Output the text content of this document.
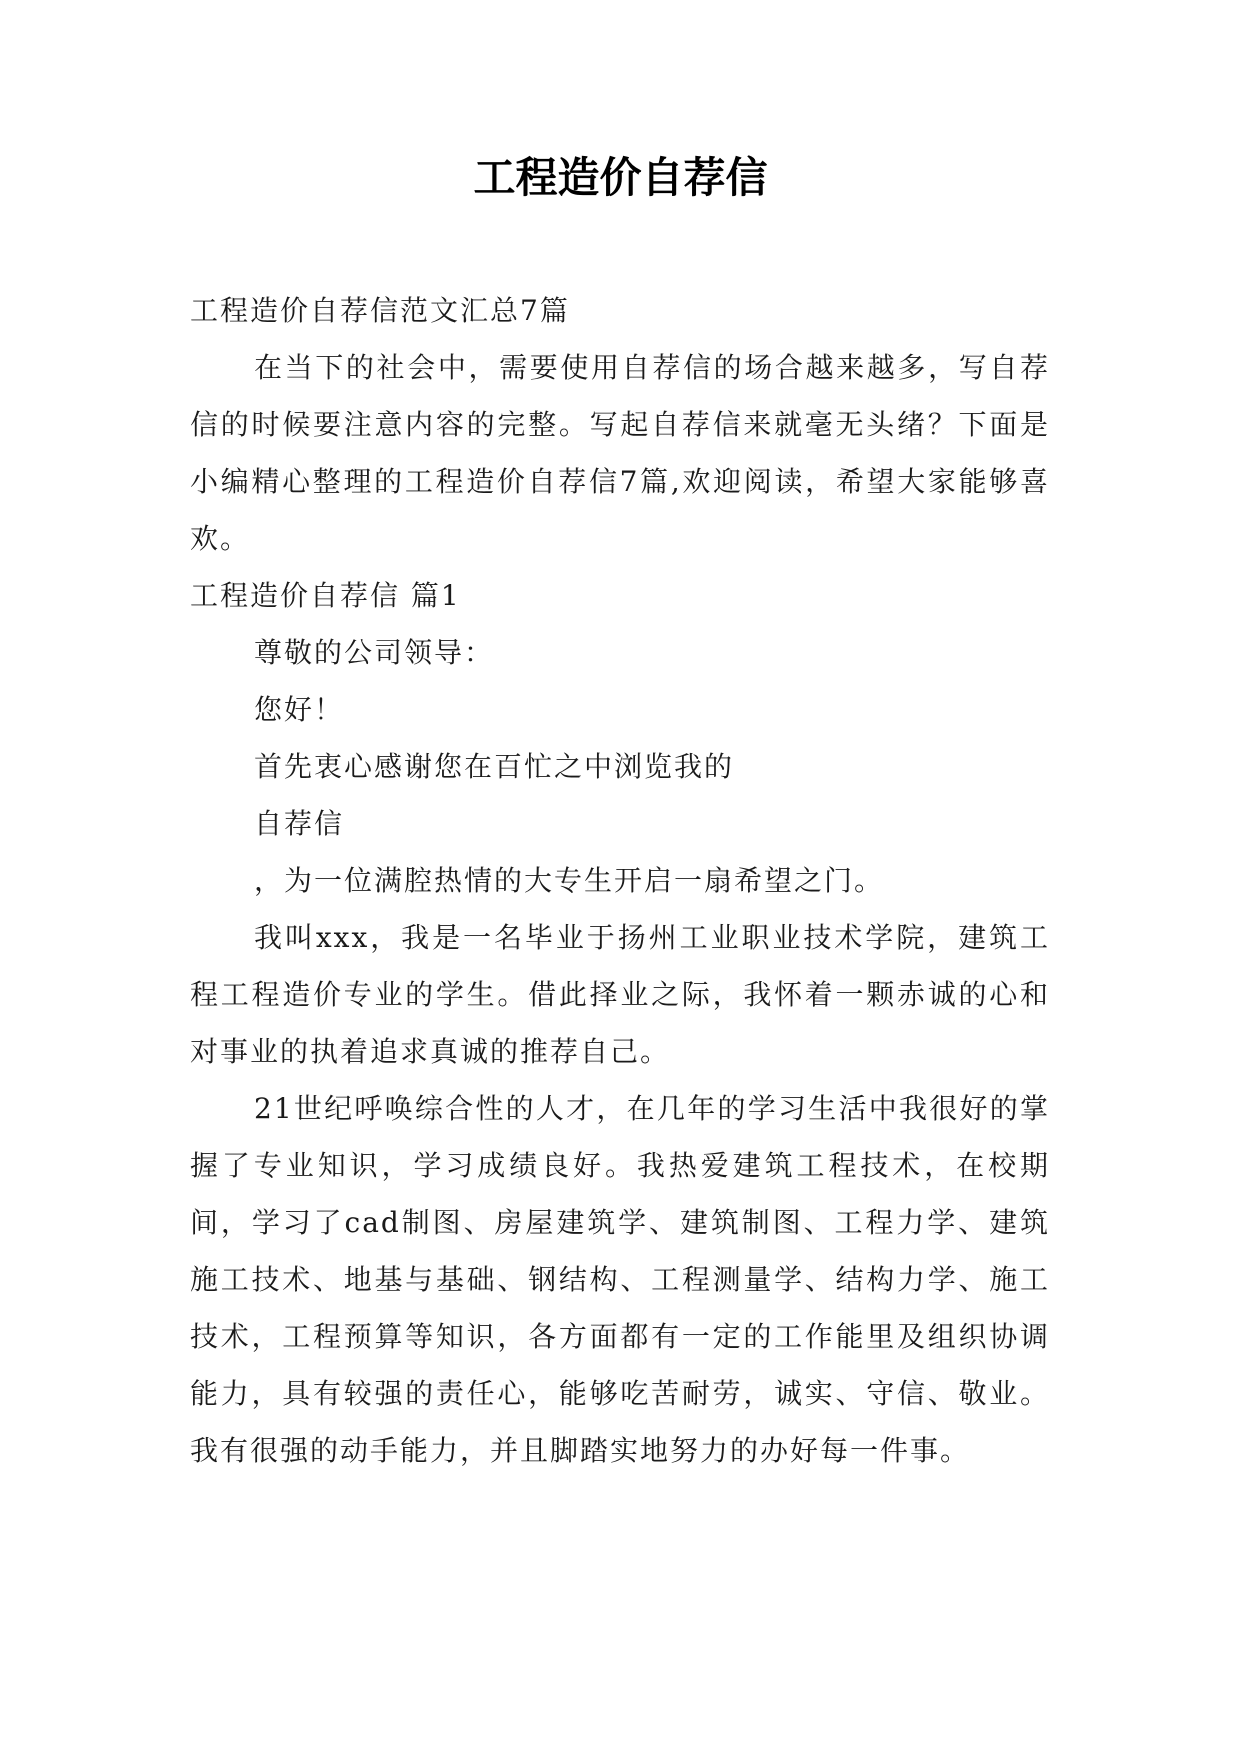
工程造价自荐信

工程造价自荐信范文汇总7篇

在当下的社会中，需要使用自荐信的场合越来越多，写自荐信的时候要注意内容的完整。写起自荐信来就毫无头绪？下面是小编精心整理的工程造价自荐信7篇,欢迎阅读，希望大家能够喜欢。

工程造价自荐信 篇1

尊敬的公司领导：

您好！

首先衷心感谢您在百忙之中浏览我的

自荐信

，为一位满腔热情的大专生开启一扇希望之门。

我叫xxx，我是一名毕业于扬州工业职业技术学院，建筑工程工程造价专业的学生。借此择业之际，我怀着一颗赤诚的心和对事业的执着追求真诚的推荐自己。

21世纪呼唤综合性的人才，在几年的学习生活中我很好的掌握了专业知识，学习成绩良好。我热爱建筑工程技术，在校期间，学习了cad制图、房屋建筑学、建筑制图、工程力学、建筑施工技术、地基与基础、钢结构、工程测量学、结构力学、施工技术，工程预算等知识，各方面都有一定的工作能里及组织协调能力，具有较强的责任心，能够吃苦耐劳，诚实、守信、敬业。我有很强的动手能力，并且脚踏实地努力的办好每一件事。
